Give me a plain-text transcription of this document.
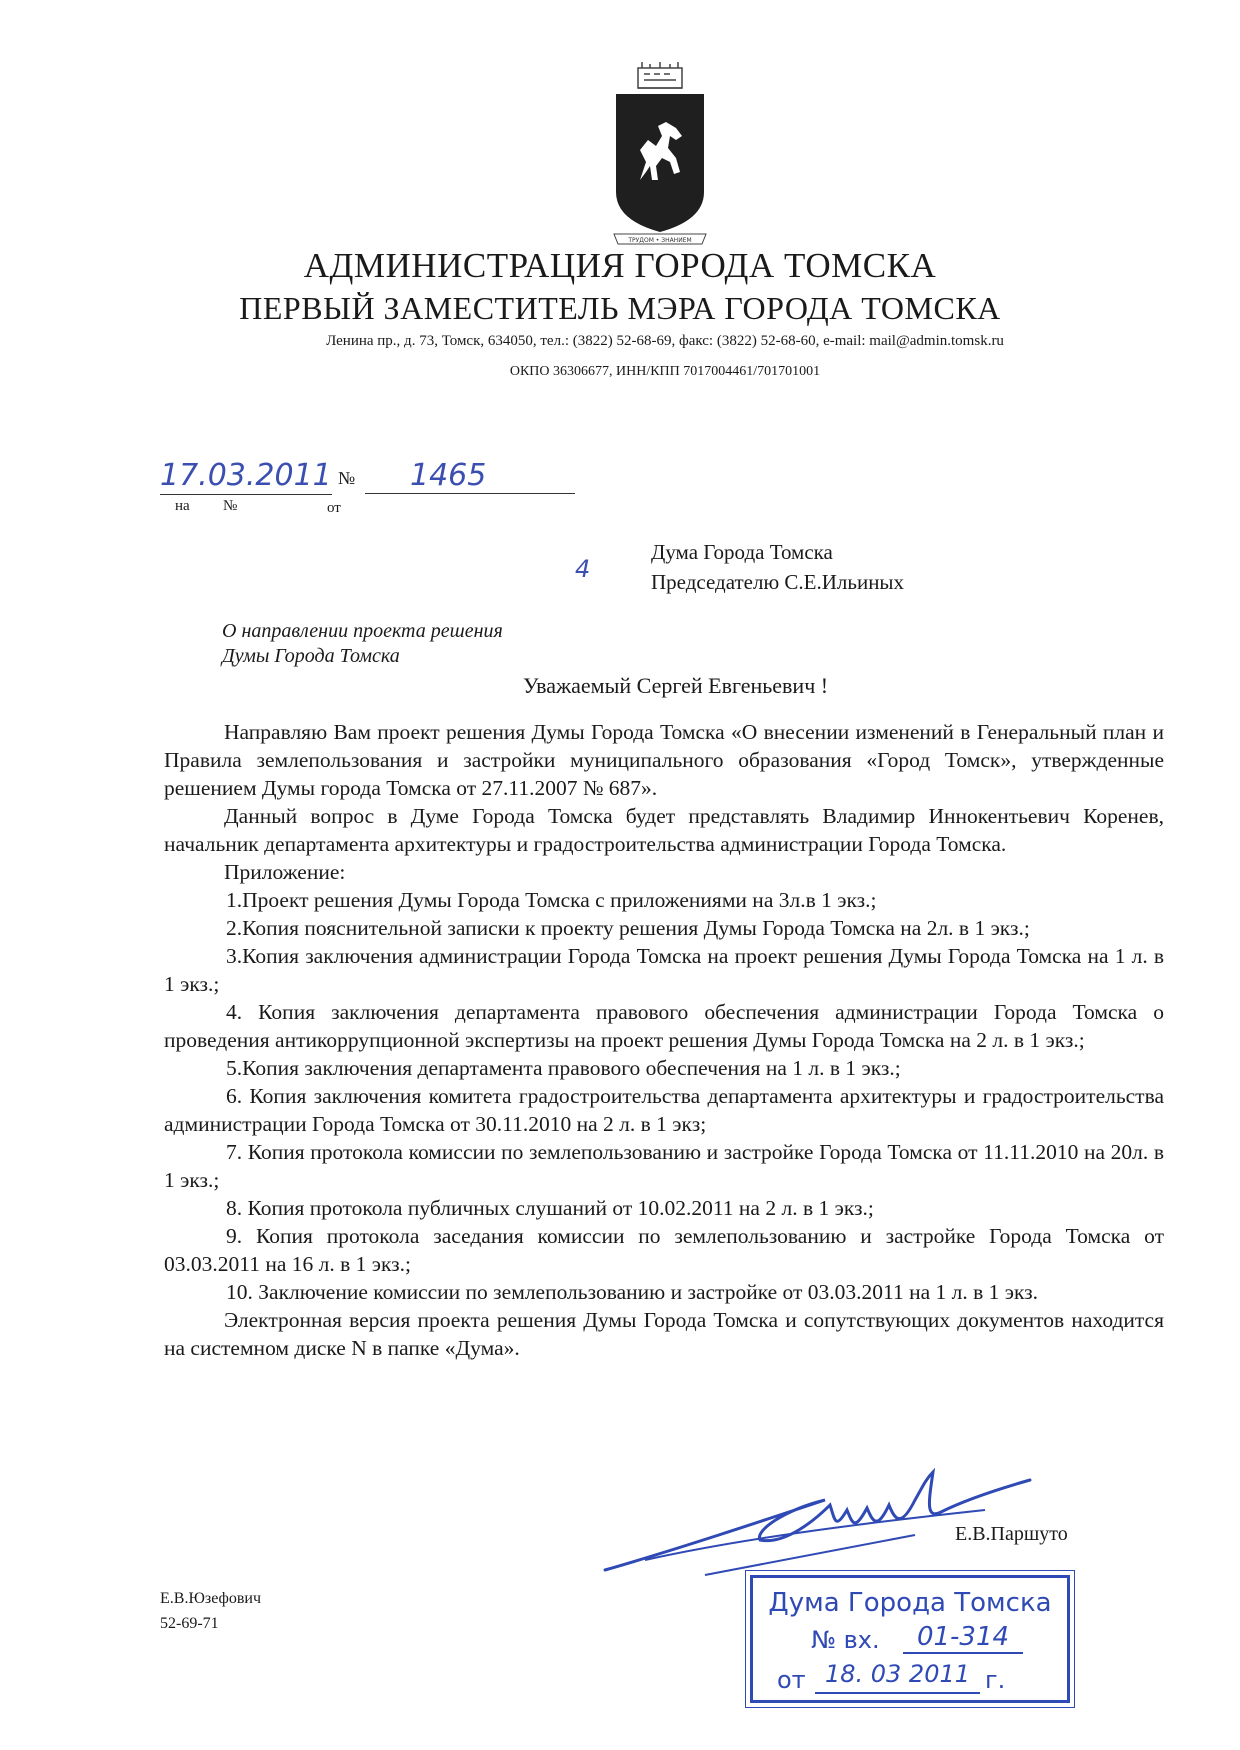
ТРУДОМ • ЗНАНИЕМ
АДМИНИСТРАЦИЯ ГОРОДА ТОМСКА
ПЕРВЫЙ ЗАМЕСТИТЕЛЬ МЭРА ГОРОДА ТОМСКА
Ленина пр., д. 73, Томск, 634050, тел.: (3822) 52-68-69, факс: (3822) 52-68-60, e-mail: mail@admin.tomsk.ru
ОКПО 36306677, ИНН/КПП 7017004461/701701001
17.03.2011 №	1465
на №	от
4
Дума Города Томска
Председателю С.Е.Ильиных
О направлении проекта решения
Думы Города Томска
Уважаемый Сергей Евгеньевич !

Направляю Вам проект решения Думы Города Томска «О внесении изменений в Генеральный план и Правила землепользования и застройки муниципального образования «Город Томск», утвержденные решением Думы города Томска от 27.11.2007 № 687».

Данный вопрос в Думе Города Томска будет представлять Владимир Иннокентьевич Коренев, начальник департамента архитектуры и градостроительства администрации Города Томска.

Приложение:

1.Проект решения Думы Города Томска с приложениями на 3л.в 1 экз.;

2.Копия пояснительной записки к проекту решения Думы Города Томска на 2л. в 1 экз.;

3.Копия заключения администрации Города Томска на проект решения Думы Города Томска на 1 л. в 1 экз.;

4. Копия заключения департамента правового обеспечения администрации Города Томска о проведения антикоррупционной экспертизы на проект решения Думы Города Томска на 2 л. в 1 экз.;

5.Копия заключения департамента правового обеспечения на 1 л. в 1 экз.;

6. Копия заключения комитета градостроительства департамента архитектуры и градостроительства администрации Города Томска от 30.11.2010 на 2 л. в 1 экз;

7. Копия протокола комиссии по землепользованию и застройке Города Томска от 11.11.2010 на 20л. в 1 экз.;

8. Копия протокола публичных слушаний от 10.02.2011 на 2 л. в 1 экз.;

9. Копия протокола заседания комиссии по землепользованию и застройке Города Томска от 03.03.2011 на 16 л. в 1 экз.;

10. Заключение комиссии по землепользованию и застройке от 03.03.2011 на 1 л. в 1 экз.

Электронная версия проекта решения Думы Города Томска и сопутствующих документов находится на системном диске N в папке «Дума».

Е.В.Паршуто
Е.В.Юзефович
52-69-71
Дума Города Томска
№ вх.	01-314
от 18. 03 2011 г.
